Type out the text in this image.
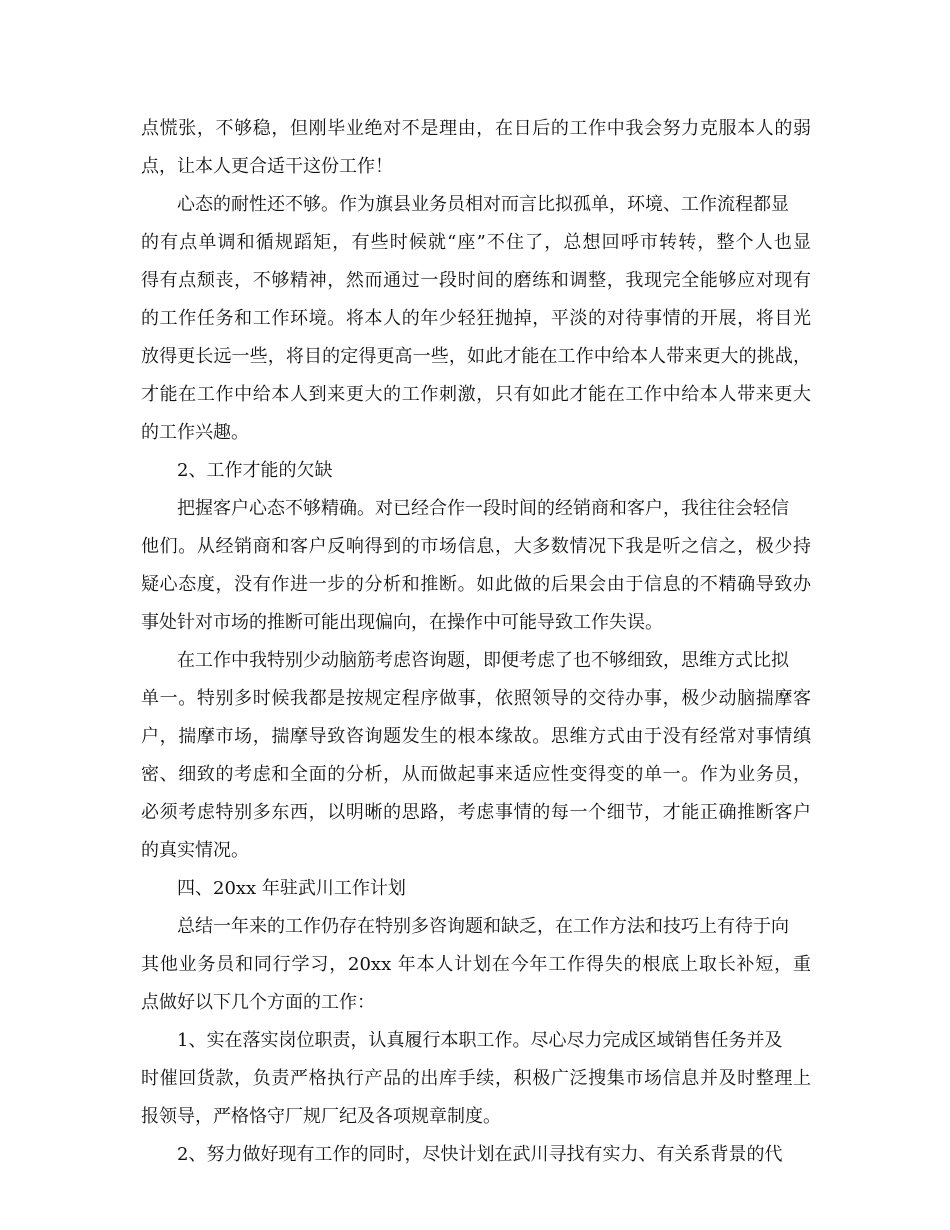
点慌张，不够稳，但刚毕业绝对不是理由，在日后的工作中我会努力克服本人的弱
点，让本人更合适干这份工作！
心态的耐性还不够。作为旗县业务员相对而言比拟孤单，环境、工作流程都显
的有点单调和循规蹈矩，有些时候就“座”不住了，总想回呼市转转，整个人也显
得有点颓丧，不够精神，然而通过一段时间的磨练和调整，我现完全能够应对现有
的工作任务和工作环境。将本人的年少轻狂抛掉，平淡的对待事情的开展，将目光
放得更长远一些，将目的定得更高一些，如此才能在工作中给本人带来更大的挑战，
才能在工作中给本人到来更大的工作刺激，只有如此才能在工作中给本人带来更大
的工作兴趣。
2、工作才能的欠缺
把握客户心态不够精确。对已经合作一段时间的经销商和客户，我往往会轻信
他们。从经销商和客户反响得到的市场信息，大多数情况下我是听之信之，极少持
疑心态度，没有作进一步的分析和推断。如此做的后果会由于信息的不精确导致办
事处针对市场的推断可能出现偏向，在操作中可能导致工作失误。
在工作中我特别少动脑筋考虑咨询题，即便考虑了也不够细致，思维方式比拟
单一。特别多时候我都是按规定程序做事，依照领导的交待办事，极少动脑揣摩客
户，揣摩市场，揣摩导致咨询题发生的根本缘故。思维方式由于没有经常对事情缜
密、细致的考虑和全面的分析，从而做起事来适应性变得变的单一。作为业务员，
必须考虑特别多东西，以明晰的思路，考虑事情的每一个细节，才能正确推断客户
的真实情况。
四、20xx 年驻武川工作计划
总结一年来的工作仍存在特别多咨询题和缺乏，在工作方法和技巧上有待于向
其他业务员和同行学习，20xx 年本人计划在今年工作得失的根底上取长补短，重
点做好以下几个方面的工作：
1、实在落实岗位职责，认真履行本职工作。尽心尽力完成区域销售任务并及
时催回货款，负责严格执行产品的出库手续，积极广泛搜集市场信息并及时整理上
报领导，严格恪守厂规厂纪及各项规章制度。
2、努力做好现有工作的同时，尽快计划在武川寻找有实力、有关系背景的代
